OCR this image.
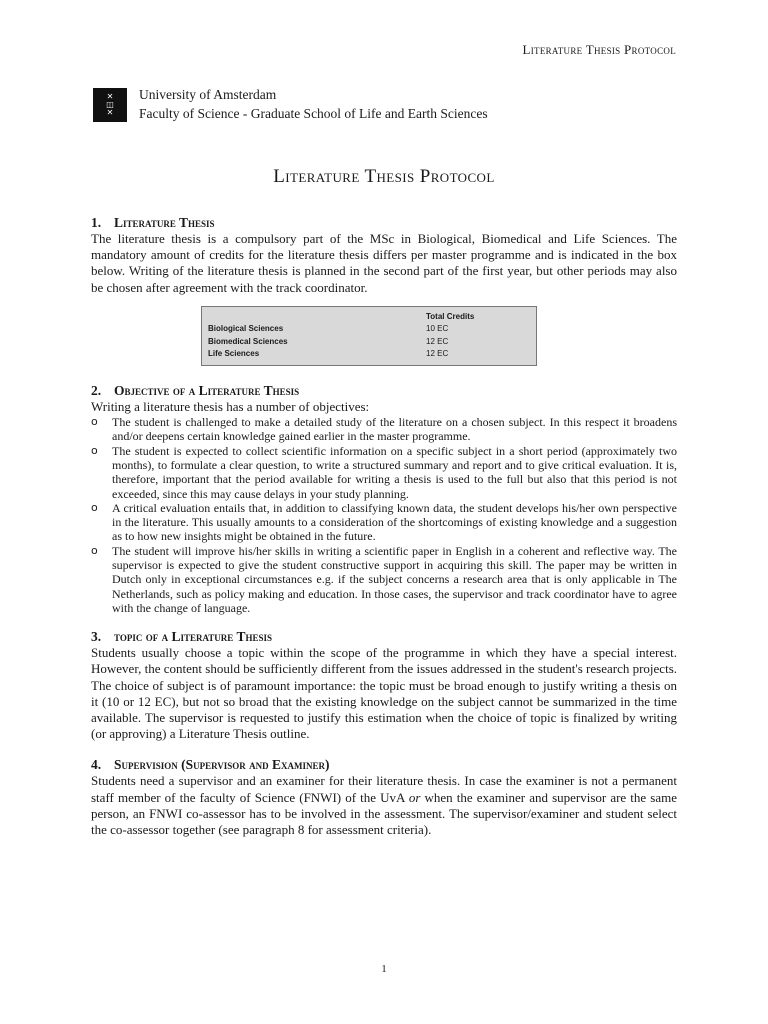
Literature Thesis Protocol
✕
◫
✕
University of Amsterdam
Faculty of Science - Graduate School of Life and Earth Sciences
Literature Thesis Protocol
1. Literature Thesis

The literature thesis is a compulsory part of the MSc in Biological, Biomedical and Life Sciences. The mandatory amount of credits for the literature thesis differs per master programme and is indicated in the box below. Writing of the literature thesis is planned in the second part of the first year, but other periods may also be chosen after agreement with the track coordinator.

	Total Credits
Biological Sciences	10 EC
Biomedical Sciences	12 EC
Life Sciences	12 EC
2. Objective of a Literature Thesis

Writing a literature thesis has a number of objectives:

o The student is challenged to make a detailed study of the literature on a chosen subject. In this respect it broadens and/or deepens certain knowledge gained earlier in the master programme.
o The student is expected to collect scientific information on a specific subject in a short period (approximately two months), to formulate a clear question, to write a structured summary and report and to give critical evaluation. It is, therefore, important that the period available for writing a thesis is used to the full but also that this period is not exceeded, since this may cause delays in your study planning.
o A critical evaluation entails that, in addition to classifying known data, the student develops his/her own perspective in the literature. This usually amounts to a consideration of the shortcomings of existing knowledge and a suggestion as to how new insights might be obtained in the future.
o The student will improve his/her skills in writing a scientific paper in English in a coherent and reflective way. The supervisor is expected to give the student constructive support in acquiring this skill. The paper may be written in Dutch only in exceptional circumstances e.g. if the subject concerns a research area that is only applicable in The Netherlands, such as policy making and education. In those cases, the supervisor and track coordinator have to agree with the change of language.
3. topic of a Literature Thesis

Students usually choose a topic within the scope of the programme in which they have a special interest. However, the content should be sufficiently different from the issues addressed in the student's research projects. The choice of subject is of paramount importance: the topic must be broad enough to justify writing a thesis on it (10 or 12 EC), but not so broad that the existing knowledge on the subject cannot be summarized in the time available. The supervisor is requested to justify this estimation when the choice of topic is finalized by writing (or approving) a Literature Thesis outline.

4. Supervision (Supervisor and Examiner)

Students need a supervisor and an examiner for their literature thesis. In case the examiner is not a permanent staff member of the faculty of Science (FNWI) of the UvA or when the examiner and supervisor are the same person, an FNWI co-assessor has to be involved in the assessment. The supervisor/examiner and student select the co-assessor together (see paragraph 8 for assessment criteria).

1
